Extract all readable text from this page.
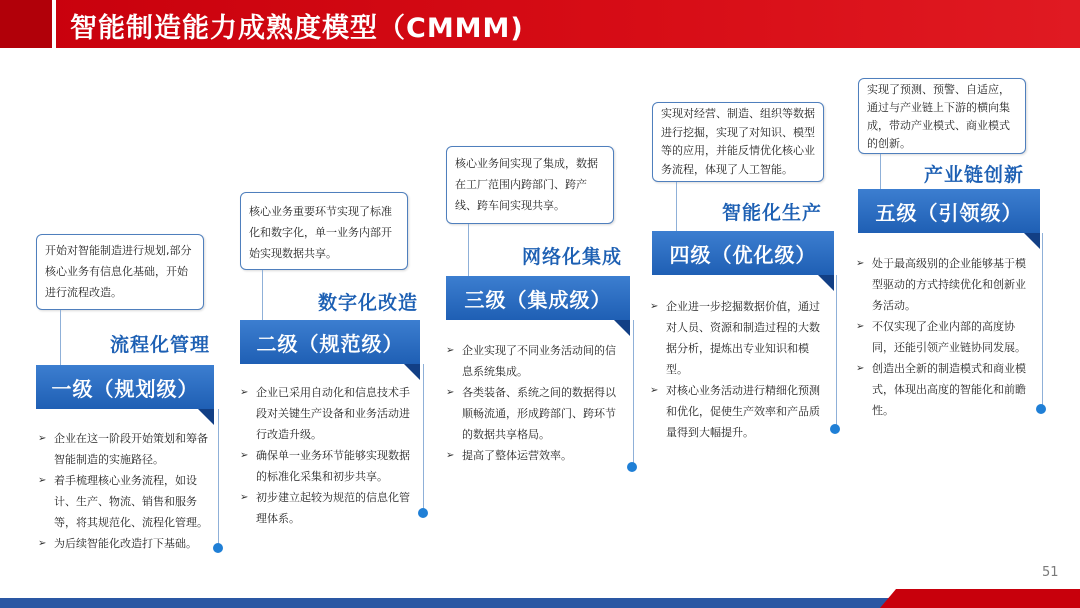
智能制造能力成熟度模型（CMMM)
开始对智能制造进行规划,部分核心业务有信息化基础，开始进行流程改造。
流程化管理
一级（规划级）
➢ 企业在这一阶段开始策划和筹备智能制造的实施路径。
➢ 着手梳理核心业务流程，如设计、生产、物流、销售和服务等，将其规范化、流程化管理。
➢ 为后续智能化改造打下基础。
核心业务重要环节实现了标准化和数字化，单一业务内部开始实现数据共享。
数字化改造
二级（规范级）
➢ 企业已采用自动化和信息技术手段对关键生产设备和业务活动进行改造升级。
➢ 确保单一业务环节能够实现数据的标准化采集和初步共享。
➢ 初步建立起较为规范的信息化管理体系。
核心业务间实现了集成，数据在工厂范围内跨部门、跨产线、跨车间实现共享。
网络化集成
三级（集成级）
➢ 企业实现了不同业务活动间的信息系统集成。
➢ 各类装备、系统之间的数据得以顺畅流通，形成跨部门、跨环节的数据共享格局。
➢ 提高了整体运营效率。
实现对经营、制造、组织等数据进行挖掘，实现了对知识、模型等的应用，并能反情优化核心业务流程，体现了人工智能。
智能化生产
四级（优化级）
➢ 企业进一步挖掘数据价值，通过对人员、资源和制造过程的大数据分析，提炼出专业知识和模型。
➢ 对核心业务活动进行精细化预测和优化，促使生产效率和产品质量得到大幅提升。
实现了预测、预警、自适应，通过与产业链上下游的横向集成，带动产业模式、商业模式的创新。
产业链创新
五级（引领级）
➢ 处于最高级别的企业能够基于模型驱动的方式持续优化和创新业务活动。
➢ 不仅实现了企业内部的高度协同，还能引领产业链协同发展。
➢ 创造出全新的制造模式和商业模式，体现出高度的智能化和前瞻性。
51
